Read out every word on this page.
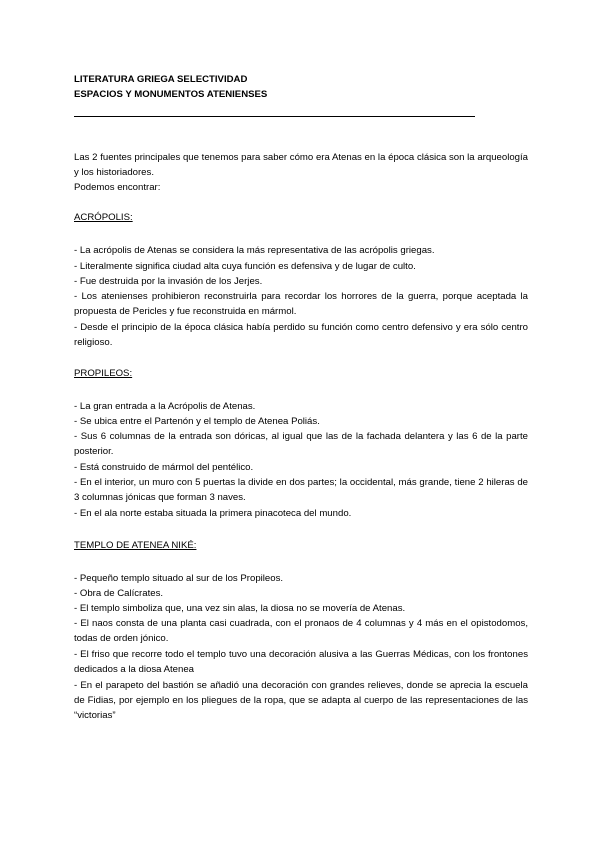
LITERATURA GRIEGA SELECTIVIDAD
ESPACIOS Y MONUMENTOS ATENIENSES
Las 2 fuentes principales que tenemos para saber cómo era Atenas en la época clásica son la arqueología y los historiadores.
Podemos encontrar:
ACRÓPOLIS:
- La acrópolis de Atenas se considera la más representativa de las acrópolis griegas.
- Literalmente significa ciudad alta cuya función es defensiva y de lugar de culto.
- Fue destruida por la invasión de los Jerjes.
- Los atenienses prohibieron reconstruirla para recordar los horrores de la guerra, porque aceptada la propuesta de Pericles y fue reconstruida en mármol.
- Desde el principio de la época clásica había perdido su función como centro defensivo y era sólo centro religioso.
PROPILEOS:
- La gran entrada a la Acrópolis de Atenas.
- Se ubica entre el Partenón y el templo de Atenea Poliás.
- Sus 6 columnas de la entrada son dóricas, al igual que las de la fachada delantera y las 6 de la parte posterior.
- Está construido de mármol del pentélico.
- En el interior, un muro con 5 puertas la divide en dos partes; la occidental, más grande, tiene 2 hileras de 3 columnas jónicas que forman 3 naves.
- En el ala norte estaba situada la primera pinacoteca del mundo.
TEMPLO DE ATENEA NIKÉ:
- Pequeño templo situado al sur de los Propileos.
- Obra de Calícrates.
- El templo simboliza que, una vez sin alas, la diosa no se movería de Atenas.
- El naos consta de una planta casi cuadrada, con el pronaos de 4 columnas y 4 más en el opistodomos, todas de orden jónico.
- El friso que recorre todo el templo tuvo una decoración alusiva a las Guerras Médicas, con los frontones dedicados a la diosa Atenea
- En el parapeto del bastión se añadió una decoración con grandes relieves, donde se aprecia la escuela de Fidias, por ejemplo en los pliegues de la ropa, que se adapta al cuerpo de las representaciones de las “victorias”
